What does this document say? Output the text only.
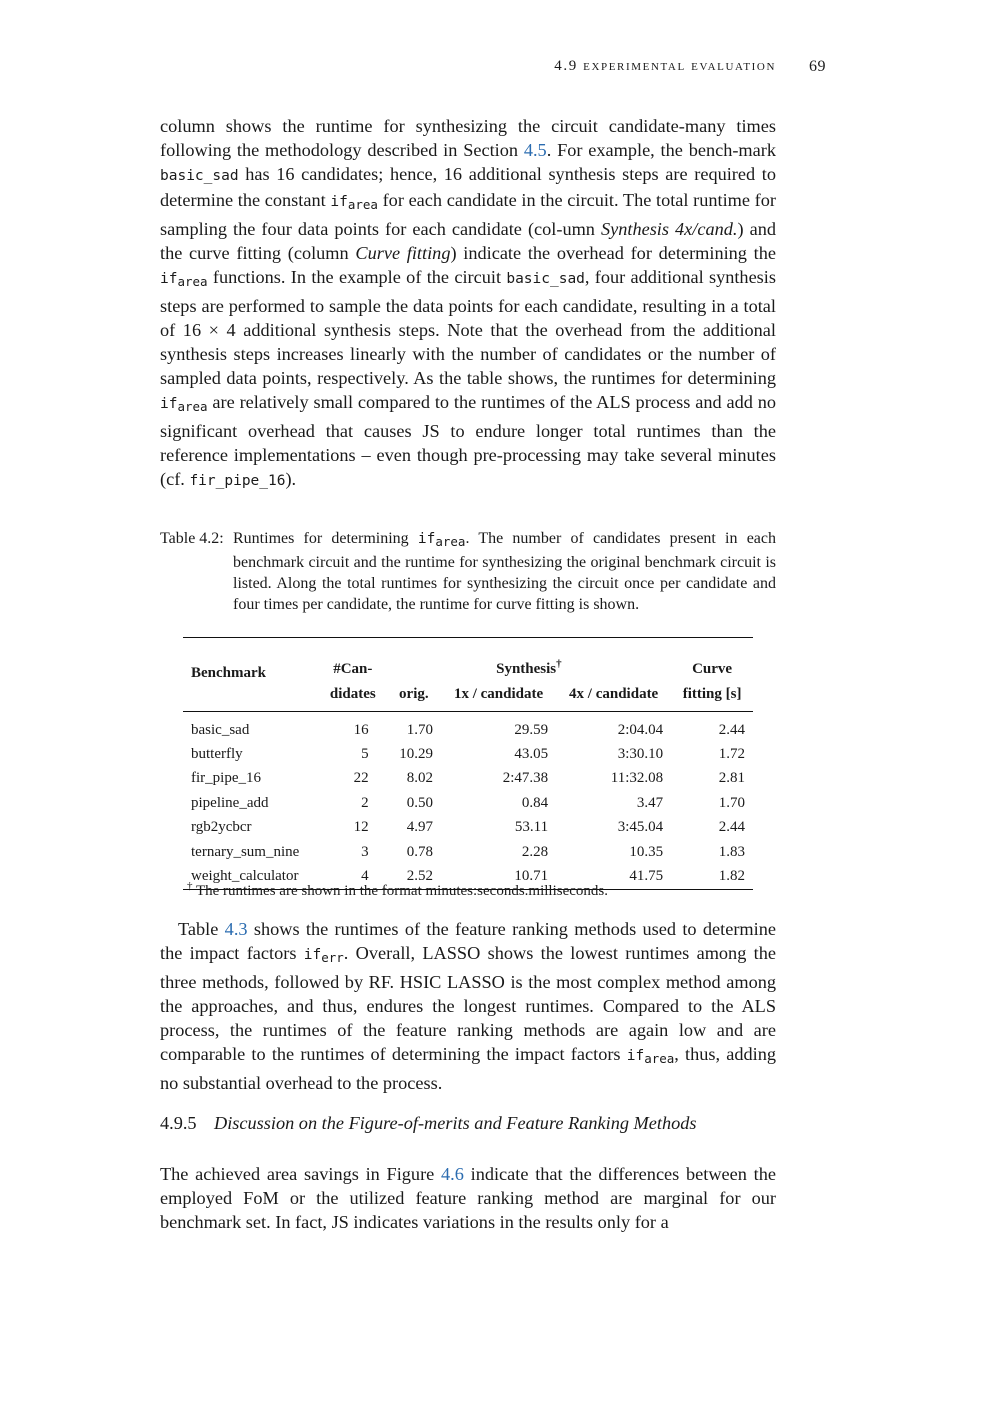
4.9 experimental evaluation 69

column shows the runtime for synthesizing the circuit candidate-many times following the methodology described in Section 4.5. For example, the bench-mark basic_sad has 16 candidates; hence, 16 additional synthesis steps are required to determine the constant $if_{area}$ for each candidate in the circuit. The total runtime for sampling the four data points for each candidate (col-umn Synthesis 4x/cand.) and the curve fitting (column Curve fitting) indicate the overhead for determining the $if_{area}$ functions. In the example of the circuit basic_sad, four additional synthesis steps are performed to sample the data points for each candidate, resulting in a total of 16 × 4 additional synthesis steps. Note that the overhead from the additional synthesis steps increases linearly with the number of candidates or the number of sampled data points, respectively. As the table shows, the runtimes for determining $if_{area}$ are relatively small compared to the runtimes of the ALS process and add no significant overhead that causes JS to endure longer total runtimes than the reference implementations – even though pre-processing may take several minutes (cf. fir_pipe_16).

Table 4.2: Runtimes for determining $if_{area}$. The number of candidates present in each benchmark circuit and the runtime for synthesizing the original benchmark circuit is listed. Along the total runtimes for synthesizing the circuit once per candidate and four times per candidate, the runtime for curve fitting is shown.
Benchmark	#Can-	Synthesis†			Curve
	didates	orig.	1x / candidate	4x / candidate	fitting [s]

basic_sad	16	1.70	29.59	2:04.04	2.44
butterfly	5	10.29	43.05	3:30.10	1.72
fir_pipe_16	22	8.02	2:47.38	11:32.08	2.81
pipeline_add	2	0.50	0.84	3.47	1.70
rgb2ycbcr	12	4.97	53.11	3:45.04	2.44
ternary_sum_nine	3	0.78	2.28	10.35	1.83
weight_calculator	4	2.52	10.71	41.75	1.82
† The runtimes are shown in the format minutes:seconds.milliseconds.

Table 4.3 shows the runtimes of the feature ranking methods used to determine the impact factors $if_{err}$. Overall, LASSO shows the lowest runtimes among the three methods, followed by RF. HSIC LASSO is the most complex method among the approaches, and thus, endures the longest runtimes. Compared to the ALS process, the runtimes of the feature ranking methods are again low and are comparable to the runtimes of determining the impact factors $if_{area}$, thus, adding no substantial overhead to the process.

4.9.5 Discussion on the Figure-of-merits and Feature Ranking Methods

The achieved area savings in Figure 4.6 indicate that the differences between the employed FoM or the utilized feature ranking method are marginal for our benchmark set. In fact, JS indicates variations in the results only for a
